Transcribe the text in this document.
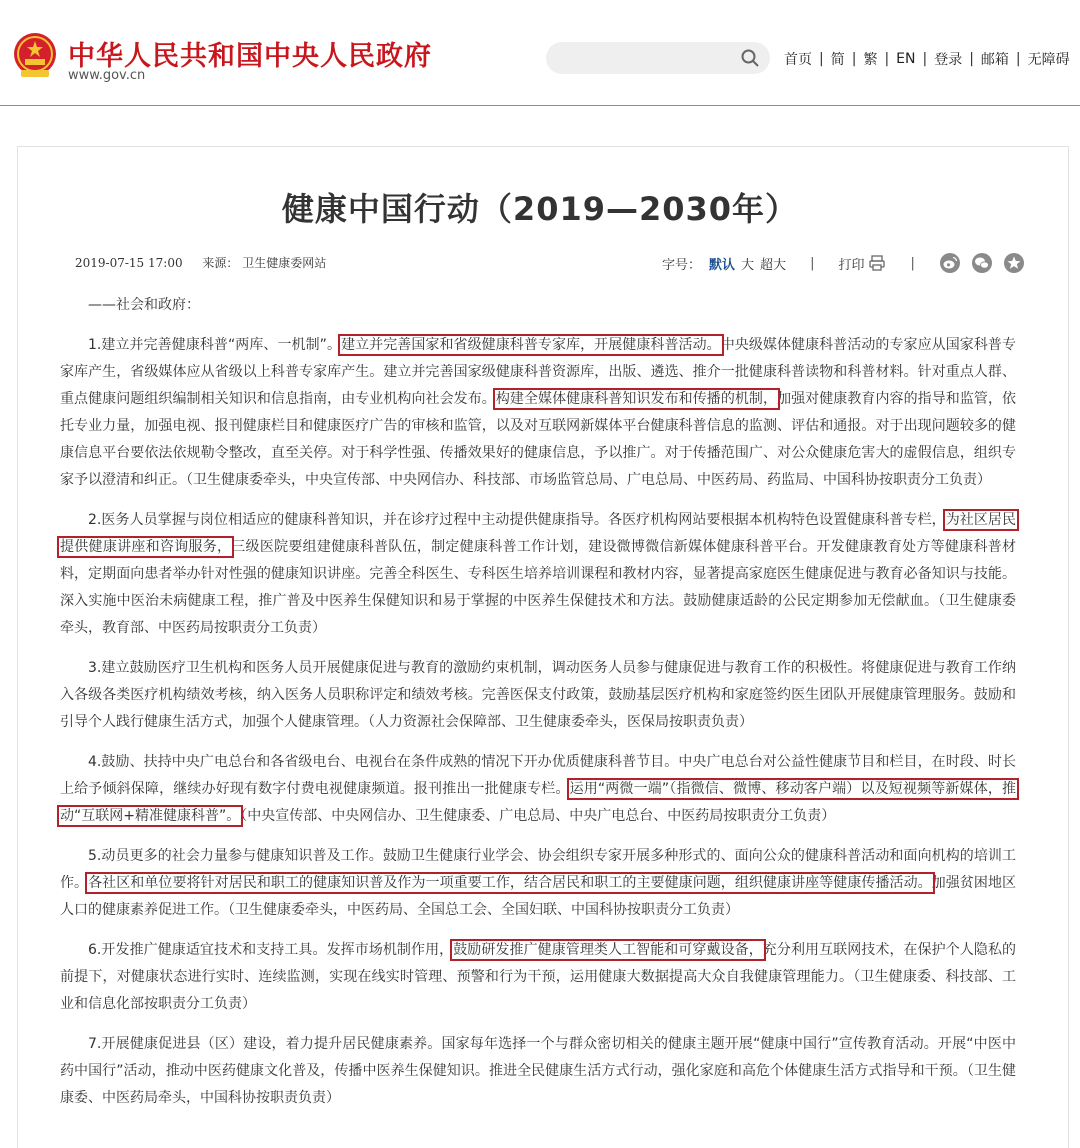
中华人民共和国中央人民政府
www.gov.cn
首页 | 简 | 繁 | EN | 登录 | 邮箱 | 无障碍
健康中国行动（2019—2030年）
2019-07-15 17:00 来源： 卫生健康委网站	字号： 默认 大 超大 | 打印	|

——社会和政府：

1.建立并完善健康科普“两库、一机制”。建立并完善国家和省级健康科普专家库，开展健康科普活动。中央级媒体健康科普活动的专家应从国家科普专家库产生，省级媒体应从省级以上科普专家库产生。建立并完善国家级健康科普资源库，出版、遴选、推介一批健康科普读物和科普材料。针对重点人群、重点健康问题组织编制相关知识和信息指南，由专业机构向社会发布。构建全媒体健康科普知识发布和传播的机制，加强对健康教育内容的指导和监管，依托专业力量，加强电视、报刊健康栏目和健康医疗广告的审核和监管，以及对互联网新媒体平台健康科普信息的监测、评估和通报。对于出现问题较多的健康信息平台要依法依规勒令整改，直至关停。对于科学性强、传播效果好的健康信息，予以推广。对于传播范围广、对公众健康危害大的虚假信息，组织专家予以澄清和纠正。（卫生健康委牵头，中央宣传部、中央网信办、科技部、市场监管总局、广电总局、中医药局、药监局、中国科协按职责分工负责）

2.医务人员掌握与岗位相适应的健康科普知识，并在诊疗过程中主动提供健康指导。各医疗机构网站要根据本机构特色设置健康科普专栏，为社区居民提供健康讲座和咨询服务，三级医院要组建健康科普队伍，制定健康科普工作计划，建设微博微信新媒体健康科普平台。开发健康教育处方等健康科普材料，定期面向患者举办针对性强的健康知识讲座。完善全科医生、专科医生培养培训课程和教材内容，显著提高家庭医生健康促进与教育必备知识与技能。深入实施中医治未病健康工程，推广普及中医养生保健知识和易于掌握的中医养生保健技术和方法。鼓励健康适龄的公民定期参加无偿献血。（卫生健康委牵头，教育部、中医药局按职责分工负责）

3.建立鼓励医疗卫生机构和医务人员开展健康促进与教育的激励约束机制，调动医务人员参与健康促进与教育工作的积极性。将健康促进与教育工作纳入各级各类医疗机构绩效考核，纳入医务人员职称评定和绩效考核。完善医保支付政策，鼓励基层医疗机构和家庭签约医生团队开展健康管理服务。鼓励和引导个人践行健康生活方式，加强个人健康管理。（人力资源社会保障部、卫生健康委牵头，医保局按职责负责）

4.鼓励、扶持中央广电总台和各省级电台、电视台在条件成熟的情况下开办优质健康科普节目。中央广电总台对公益性健康节目和栏目，在时段、时长上给予倾斜保障，继续办好现有数字付费电视健康频道。报刊推出一批健康专栏。运用“两微一端”（指微信、微博、移动客户端）以及短视频等新媒体，推动“互联网+精准健康科普”。（中央宣传部、中央网信办、卫生健康委、广电总局、中央广电总台、中医药局按职责分工负责）

5.动员更多的社会力量参与健康知识普及工作。鼓励卫生健康行业学会、协会组织专家开展多种形式的、面向公众的健康科普活动和面向机构的培训工作。各社区和单位要将针对居民和职工的健康知识普及作为一项重要工作，结合居民和职工的主要健康问题，组织健康讲座等健康传播活动。加强贫困地区人口的健康素养促进工作。（卫生健康委牵头，中医药局、全国总工会、全国妇联、中国科协按职责分工负责）

6.开发推广健康适宜技术和支持工具。发挥市场机制作用，鼓励研发推广健康管理类人工智能和可穿戴设备，充分利用互联网技术，在保护个人隐私的前提下，对健康状态进行实时、连续监测，实现在线实时管理、预警和行为干预，运用健康大数据提高大众自我健康管理能力。（卫生健康委、科技部、工业和信息化部按职责分工负责）

7.开展健康促进县（区）建设，着力提升居民健康素养。国家每年选择一个与群众密切相关的健康主题开展“健康中国行”宣传教育活动。开展“中医中药中国行”活动，推动中医药健康文化普及，传播中医养生保健知识。推进全民健康生活方式行动，强化家庭和高危个体健康生活方式指导和干预。（卫生健康委、中医药局牵头，中国科协按职责负责）
